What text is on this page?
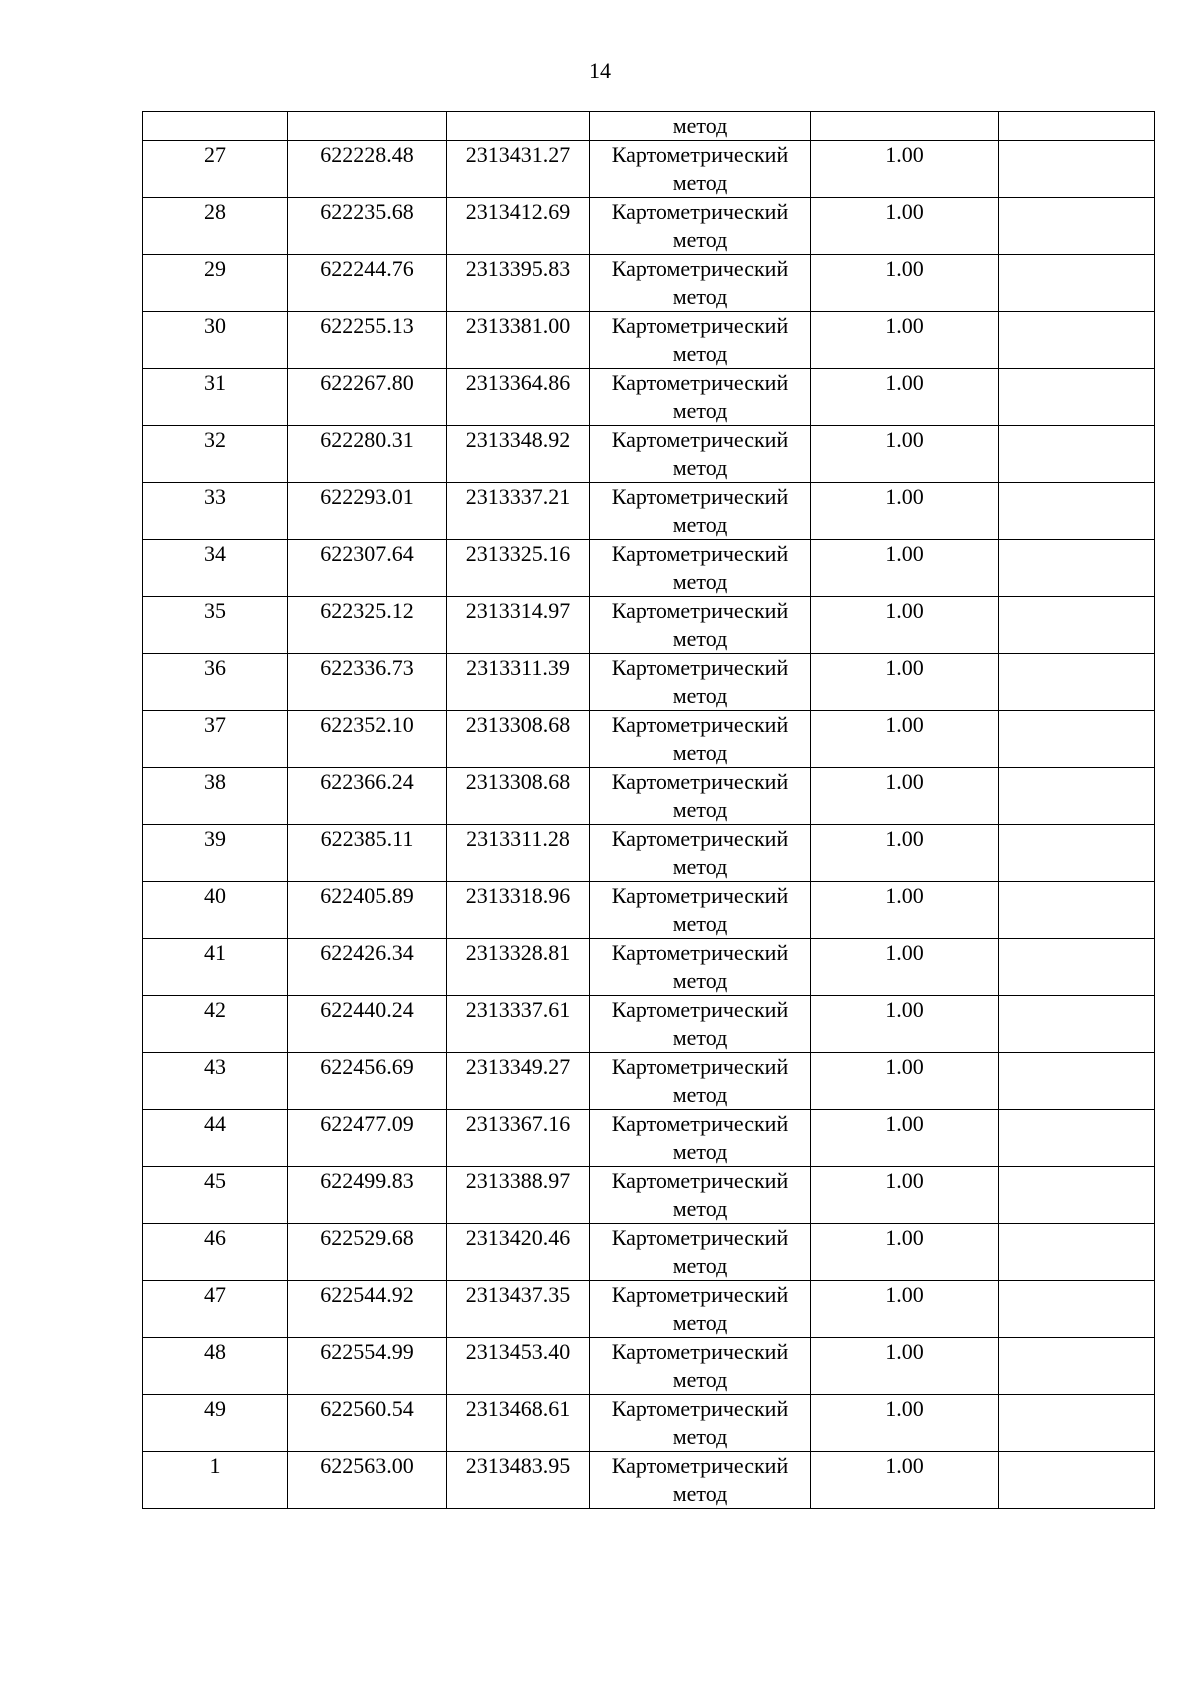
14
			метод		
27	622228.48	2313431.27	Картометрический
метод	1.00	
28	622235.68	2313412.69	Картометрический
метод	1.00	
29	622244.76	2313395.83	Картометрический
метод	1.00	
30	622255.13	2313381.00	Картометрический
метод	1.00	
31	622267.80	2313364.86	Картометрический
метод	1.00	
32	622280.31	2313348.92	Картометрический
метод	1.00	
33	622293.01	2313337.21	Картометрический
метод	1.00	
34	622307.64	2313325.16	Картометрический
метод	1.00	
35	622325.12	2313314.97	Картометрический
метод	1.00	
36	622336.73	2313311.39	Картометрический
метод	1.00	
37	622352.10	2313308.68	Картометрический
метод	1.00	
38	622366.24	2313308.68	Картометрический
метод	1.00	
39	622385.11	2313311.28	Картометрический
метод	1.00	
40	622405.89	2313318.96	Картометрический
метод	1.00	
41	622426.34	2313328.81	Картометрический
метод	1.00	
42	622440.24	2313337.61	Картометрический
метод	1.00	
43	622456.69	2313349.27	Картометрический
метод	1.00	
44	622477.09	2313367.16	Картометрический
метод	1.00	
45	622499.83	2313388.97	Картометрический
метод	1.00	
46	622529.68	2313420.46	Картометрический
метод	1.00	
47	622544.92	2313437.35	Картометрический
метод	1.00	
48	622554.99	2313453.40	Картометрический
метод	1.00	
49	622560.54	2313468.61	Картометрический
метод	1.00	
1	622563.00	2313483.95	Картометрический
метод	1.00	
